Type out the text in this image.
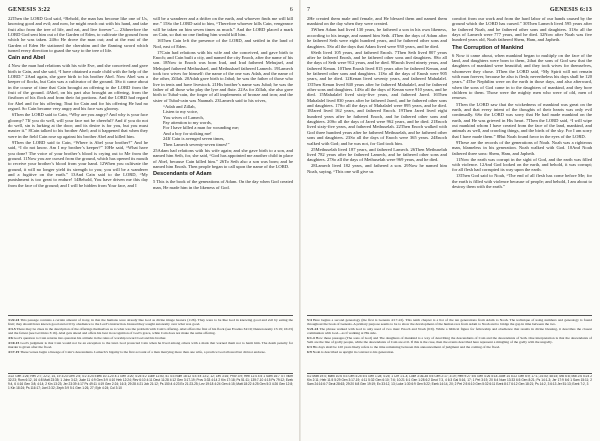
GENESIS 3:22	6

22Then the LORD God said, “Behold, the man has become like one of Us, knowing good and evil; and now, he might reach out with his hand, and take fruit also from the tree of life, and eat, and live forever”— 23therefore the LORD God sent him out of the Garden of Eden, to cultivate the ground from which he was taken. 24So He drove the man out; and at the east of the Garden of Eden He stationed the cherubim and the flaming sword which turned every direction to guard the way to the tree of life.

Cain and Abel

4 Now the man had relations with his wife Eve, and she conceived and gave birth to Cain, and she said, “I have obtained a male child with the help of the LORD.” 2And again, she gave birth to his brother Abel. Now Abel was a keeper of flocks, but Cain was a cultivator of the ground. 3So it came about in the course of time that Cain brought an offering to the LORD from the fruit of the ground. 4Abel, on his part also brought an offering, from the firstborn of his flock and from their fat portions. And the LORD had regard for Abel and for his offering; 5but for Cain and for his offering He had no regard. So Cain became very angry and his face was gloomy.

6Then the LORD said to Cain, “Why are you angry? And why is your face gloomy? 7If you do well, will your face not be cheerful? And if you do not do well, sin is lurking at the door; and its desire is for you, but you must master it.” 8Cain talked to his brother Abel; and it happened that when they were in the field Cain rose up against his brother Abel and killed him.

9Then the LORD said to Cain, “Where is Abel your brother?” And he said, “I do not know. Am I my brother’s keeper?” 10He said, “What have you done? The voice of your brother’s blood is crying out to Me from the ground. 11Now you are cursed from the ground, which has opened its mouth to receive your brother’s blood from your hand. 12When you cultivate the ground, it will no longer yield its strength to you; you will be a wanderer and a fugitive on the earth.” 13And Cain said to the LORD, “My punishment is too great to endure! 14Behold, You have driven me this day from the face of the ground; and I will be hidden from Your face, and I

will be a wanderer and a drifter on the earth, and whoever finds me will kill me.” 15So the LORD said to him, “Therefore whoever kills Cain, vengeance will be taken on him seven times as much.” And the LORD placed a mark on Cain, so that no one finding him would kill him.

16Then Cain left the presence of the LORD, and settled in the land of Nod, east of Eden.

17Cain had relations with his wife and she conceived, and gave birth to Enoch; and Cain built a city, and named the city Enoch, after the name of his son. 18Now to Enoch was born Irad, and Irad fathered Mehujael, and Mehujael fathered Methushael, and Methushael fathered Lamech. 19Lamech took two wives for himself: the name of the one was Adah, and the name of the other, Zillah. 20Adah gave birth to Jabal; he was the father of those who live in tents and have livestock. 21His brother’s name was Jubal; he was the father of all those who play the lyre and flute. 22As for Zillah, she also gave birth to Tubal-cain, the forger of all implements of bronze and iron; and the sister of Tubal-cain was Naamah. 23Lamech said to his wives,

“Adah and Zillah,
Listen to my voice,
You wives of Lamech,
Pay attention to my words,
For I have killed a man for wounding me;
And a boy for striking me!
24If Cain is avenged seven times,
Then Lamech seventy-seven times!”

25Adam had relations with his wife again; and she gave birth to a son, and named him Seth, for, she said, “God has appointed me another child in place of Abel, because Cain killed him.” 26To Seth also a son was born; and he named him Enosh. Then people began to call upon the name of the LORD.

Descendants of Adam

5 This is the book of the generations of Adam. On the day when God created man, He made him in the likeness of God.

3:22-24 This passage contains a certain amount of irony, in that the humans were already like God as divine image bearers (1:26). They were to be like God in knowing good and evil by eating the fruit; they should have known good and evil by obedience to the Lord’s instruction. Instead they sought autonomy over what was good.

4:3-5 There may be clues in the description of the offerings themselves as to what was the problem with Cain’s offering. Abel offers the first of his flock (see Exodus 34:19; Deuteronomy 15:19; 16:23) and the fattest (see Leviticus 3:16). Abel gets ahead and offers his best in recognition of God’s grace, while Cain does not make the same offering.

4:6 God’s question to Cain returns into question his attitude in the rules of worship toward God and his brother.

4:10-15 God’s judgment is that Cain would not be an exception to the land. God protected Cain when he lived among others with a mark that warned them not to harm him. The death penalty for murder is given after the flood.

4:17-19 These verses begin a lineage of Cain’s descendants. Lamech’s bigamy is the first account of a man marrying more than one wife, a practice God allowed but did not endorse.

3:22 Gen 1:26; Rev 2:7; 22:2, 14, 19 3:23 Gen 2:5; 4:2 3:24 Ezek 10:1-20 4:1 Gen 3:20; 4:25 4:2 Luke 11:50, 51 4:3 Num 18:12 4:4 Ex 13:2, 12; Lev 3:16; Prov 3:9; Heb 11:4 4:5 1 Sam 16:7 4:7 Num 32:23; Rom 6:12, 16 4:8 Matt 23:35; 1 John 3:12; Jude 11 4:9 Gen 3:9 4:10 Heb 12:24; Rev 6:10 4:11 Deut 11:28 4:12 Gen 3:17-19; Prov 3:33 4:14 2 Kin 17:18; Ps 51:11; 139:7-10 4:15 Ps 79:12; Ezek 9:4, 6 4:16 Gen 3:8; 4:14; 2 Kin 13:23; Jer 23:39 4:17 Ps 49:11 4:19 Gen 2:24; 16:3; 29:28 4:21 Job 21:12; Ps 150:4 4:23 Ex 21:23-25; Lev 19:18 4:24 Gen 4:15; Matt 18:22 4:25 Gen 5:3 4:26 Gen 12:8; 1 Kin 18:24; Ps 116:17; Joel 2:32; Zeph 3:9 5:1 Gen 1:26, 27; Eph 4:24; Col 3:10
7	GENESIS 6:13

2He created them male and female, and He blessed them and named them mankind on the day when they were created.

3When Adam had lived 130 years, he fathered a son in his own likeness, according to his image, and named him Seth. 4Then the days of Adam after he fathered Seth were eight hundred years, and he fathered other sons and daughters. 5So all the days that Adam lived were 930 years, and he died.

6Seth lived 105 years, and fathered Enosh. 7Then Seth lived 807 years after he fathered Enosh, and he fathered other sons and daughters. 8So all the days of Seth were 912 years, and he died. 9Enosh lived ninety years, and fathered Kenan. 10Then Enosh lived 815 years after he fathered Kenan, and he fathered other sons and daughters. 11So all the days of Enosh were 905 years, and he died. 12Kenan lived seventy years, and fathered Mahalalel. 13Then Kenan lived 840 years after he fathered Mahalalel, and he fathered other sons and daughters. 14So all the days of Kenan were 910 years, and he died. 15Mahalalel lived sixty-five years, and fathered Jared. 16Then Mahalalel lived 830 years after he fathered Jared, and he fathered other sons and daughters. 17So all the days of Mahalalel were 895 years, and he died. 18Jared lived 162 years, and fathered Enoch. 19Then Jared lived eight hundred years after he fathered Enoch, and he fathered other sons and daughters. 20So all the days of Jared were 962 years, and he died. 21Enoch lived sixty-five years, and fathered Methuselah. 22Then Enoch walked with God three hundred years after he fathered Methuselah, and he fathered other sons and daughters. 23So all the days of Enoch were 365 years. 24Enoch walked with God; and he was not, for God took him.

25Methuselah lived 187 years, and fathered Lamech. 26Then Methuselah lived 782 years after he fathered Lamech, and he fathered other sons and daughters. 27So all the days of Methuselah were 969 years, and he died.

28Lamech lived 182 years, and fathered a son. 29Now he named him Noah, saying, “This one will give us

comfort from our work and from the hard labor of our hands caused by the ground which the LORD has cursed.” 30Then Lamech lived 595 years after he fathered Noah, and he fathered other sons and daughters. 31So all the days of Lamech were 777 years, and he died. 32Now after Noah was five hundred years old, Noah fathered Shem, Ham, and Japheth.

The Corruption of Mankind

6 Now it came about, when mankind began to multiply on the face of the land, and daughters were born to them, 2that the sons of God saw that the daughters of mankind were beautiful; and they took wives for themselves, whomever they chose. 3Then the LORD said, “My Spirit will not remain with man forever, because he also is flesh; nevertheless his days shall be 120 years.” 4The Nephilim were on the earth in those days, and also afterward, when the sons of God came in to the daughters of mankind, and they bore children to them. Those were the mighty men who were of old, men of renown.

5Then the LORD saw that the wickedness of mankind was great on the earth, and that every intent of the thoughts of their hearts was only evil continually. 6So the LORD was sorry that He had made mankind on the earth, and He was grieved in His heart. 7Then the LORD said, “I will wipe out mankind whom I have created from the face of the land, mankind, and animals as well, and crawling things, and the birds of the sky. For I am sorry that I have made them.” 8But Noah found favor in the eyes of the LORD.

9These are the records of the generations of Noah. Noah was a righteous man, blameless in his generation. Noah walked with God. 10And Noah fathered three sons: Shem, Ham, and Japheth.

11Now the earth was corrupt in the sight of God, and the earth was filled with violence. 12And God looked on the earth, and behold, it was corrupt; for all flesh had corrupted its way upon the earth.

13Then God said to Noah, “The end of all flesh has come before Me; for the earth is filled with violence because of people; and behold, I am about to destroy them with the earth.”

5:4 Here begins a second genealogy (the first is Genesis 4:17-22). This tenth chapter is a list of the ten generations from Adam to Noah. The technique of using numbers and genealogy is found throughout the book of Genesis. A primary purpose seems to be to show the development of the human race from Adam to Noah and to bridge the gap in time between the two.

5:21-24 The phrase walked with God is only used of two men: Enoch and Noah (6:9). While a biblical figure for fellowship and obedience that results in divine blessing, it describes the closest communion with God—as if walking at His side.

6:1-4 How these passages (The sons of God) and The daughters of mankind is a way of describing the descendants of Cain and the descendants of Seth. One interpretation is that the descendants of Seth are the line of godly people, while the descendants of Cain are evil. If this is the case, then the events described here represent a mingling of the godly with the ungodly.

6:3 His days shall be 120 years likely refers to the time remaining between this announcement of judgment and the coming of the flood.

6:9 Noah is described as upright in contrast to his generation.

5:2 Matt 19:4; Mark 10:6 5:3 Gen 4:25 5:4 Gen 1:28; 4:25; 1 Chr 1:1-4; Luke 3:36-38 5:5 Gen 2:17; 3:19; Heb 9:27 5:6 Gen 4:26 5:18 Jude 14 5:22 Gen 6:9; 17:1; 24:40; 48:15; Mic 6:8; Mal 2:6 5:24 2 Kin 2:11; Heb 11:5 5:29 Gen 3:17-19; 4:11 5:32 Gen 6:10; 7:6; 10:21 6:1 Gen 1:28 6:2 Deut 7:3, 4 6:3 Gal 5:16, 17; 1 Pet 3:19, 20 6:4 Num 13:33 6:5 Gen 8:21; Ps 14:1-3; Jer 17:9 6:6 1 Sam 15:11; 2 Sam 24:16 6:7 Deut 28:63; 29:20 6:8 Gen 19:19; Ex 33:12, 13; Luke 1:30 6:9 Gen 5:22; Ezek 14:14, 20; 2 Pet 2:5 6:10 Gen 5:32 6:11 Ezek 8:17 6:12 Gen 18:21; Ps 14:2, 3 6:13 Jer 51:13; Ezek 7:2, 3
